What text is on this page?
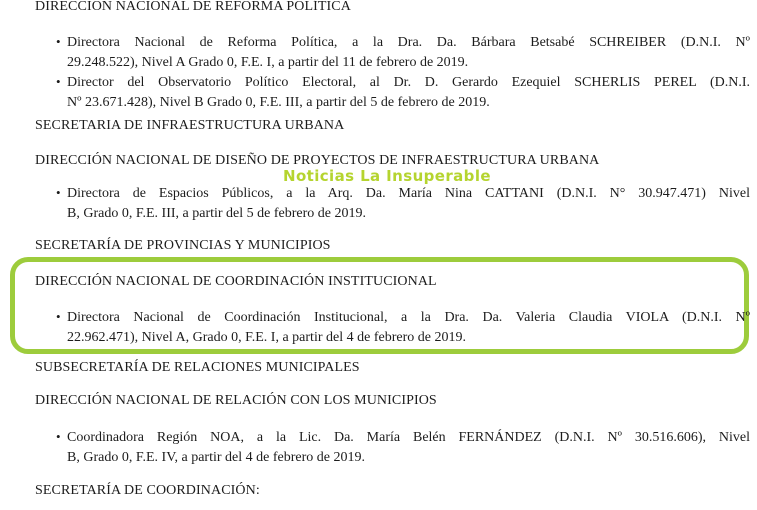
DIRECCIÓN NACIONAL DE REFORMA POLÍTICA
• Directora Nacional de Reforma Política, a la Dra. Da. Bárbara Betsabé SCHREIBER (D.N.I. Nº
29.248.522), Nivel A Grado 0, F.E. I, a partir del 11 de febrero de 2019.
• Director del Observatorio Político Electoral, al Dr. D. Gerardo Ezequiel SCHERLIS PEREL (D.N.I.
Nº 23.671.428), Nivel B Grado 0, F.E. III, a partir del 5 de febrero de 2019.
SECRETARIA DE INFRAESTRUCTURA URBANA
DIRECCIÓN NACIONAL DE DISEÑO DE PROYECTOS DE INFRAESTRUCTURA URBANA
Noticias La Insuperable
• Directora de Espacios Públicos, a la Arq. Da. María Nina CATTANI (D.N.I. N° 30.947.471) Nivel
B, Grado 0, F.E. III, a partir del 5 de febrero de 2019.
SECRETARÍA DE PROVINCIAS Y MUNICIPIOS
DIRECCIÓN NACIONAL DE COORDINACIÓN INSTITUCIONAL
• Directora Nacional de Coordinación Institucional, a la Dra. Da. Valeria Claudia VIOLA (D.N.I. Nº
22.962.471), Nivel A, Grado 0, F.E. I, a partir del 4 de febrero de 2019.
SUBSECRETARÍA DE RELACIONES MUNICIPALES
DIRECCIÓN NACIONAL DE RELACIÓN CON LOS MUNICIPIOS
• Coordinadora Región NOA, a la Lic. Da. María Belén FERNÁNDEZ (D.N.I. Nº 30.516.606), Nivel
B, Grado 0, F.E. IV, a partir del 4 de febrero de 2019.
SECRETARÍA DE COORDINACIÓN:
